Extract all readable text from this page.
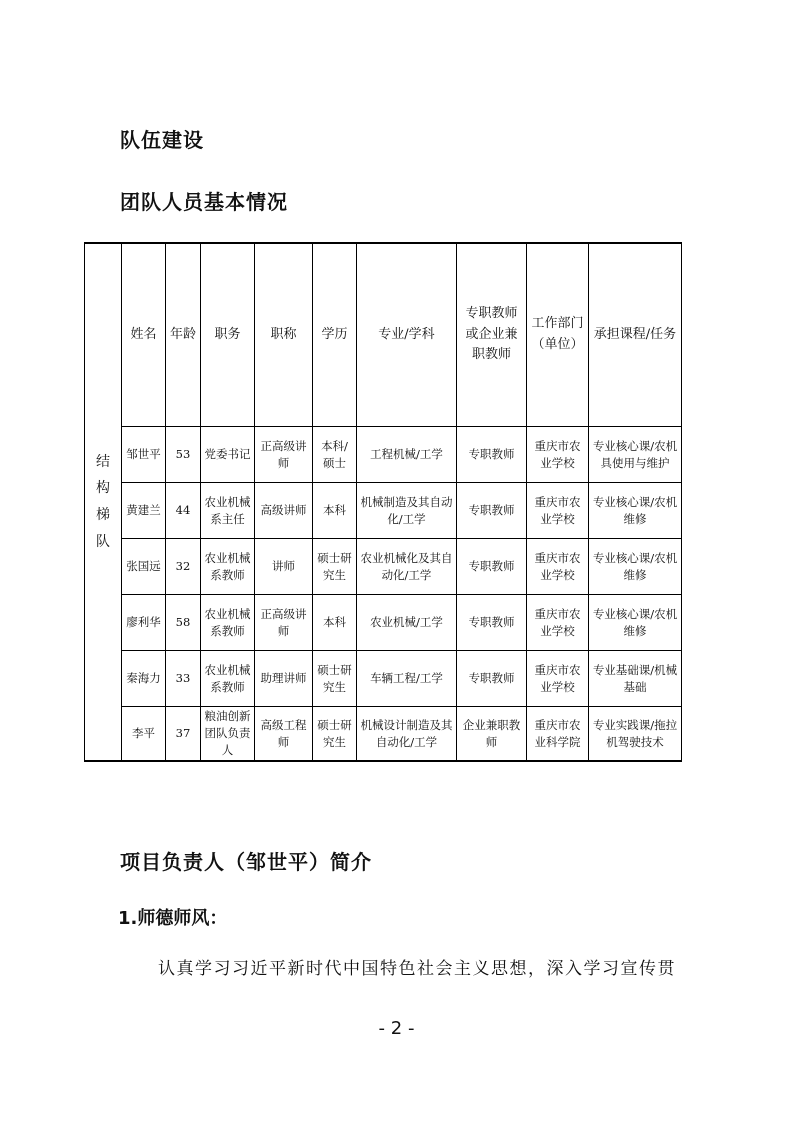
队伍建设
团队人员基本情况
结构梯队	姓名	年龄	职务	职称	学历	专业/学科	专职教师或企业兼职教师	工作部门（单位）	承担课程/任务
	邹世平	53	党委书记	正高级讲师	本科/硕士	工程机械/工学	专职教师	重庆市农业学校	专业核心课/农机具使用与维护
	黄建兰	44	农业机械系主任	高级讲师	本科	机械制造及其自动化/工学	专职教师	重庆市农业学校	专业核心课/农机维修
	张国远	32	农业机械系教师	讲师	硕士研究生	农业机械化及其自动化/工学	专职教师	重庆市农业学校	专业核心课/农机维修
	廖利华	58	农业机械系教师	正高级讲师	本科	农业机械/工学	专职教师	重庆市农业学校	专业核心课/农机维修
	秦海力	33	农业机械系教师	助理讲师	硕士研究生	车辆工程/工学	专职教师	重庆市农业学校	专业基础课/机械基础
	李平	37	粮油创新团队负责人	高级工程师	硕士研究生	机械设计制造及其自动化/工学	企业兼职教师	重庆市农业科学院	专业实践课/拖拉机驾驶技术
项目负责人（邹世平）简介
1.师德师风：

认真学习习近平新时代中国特色社会主义思想，深入学习宣传贯

- 2 -
